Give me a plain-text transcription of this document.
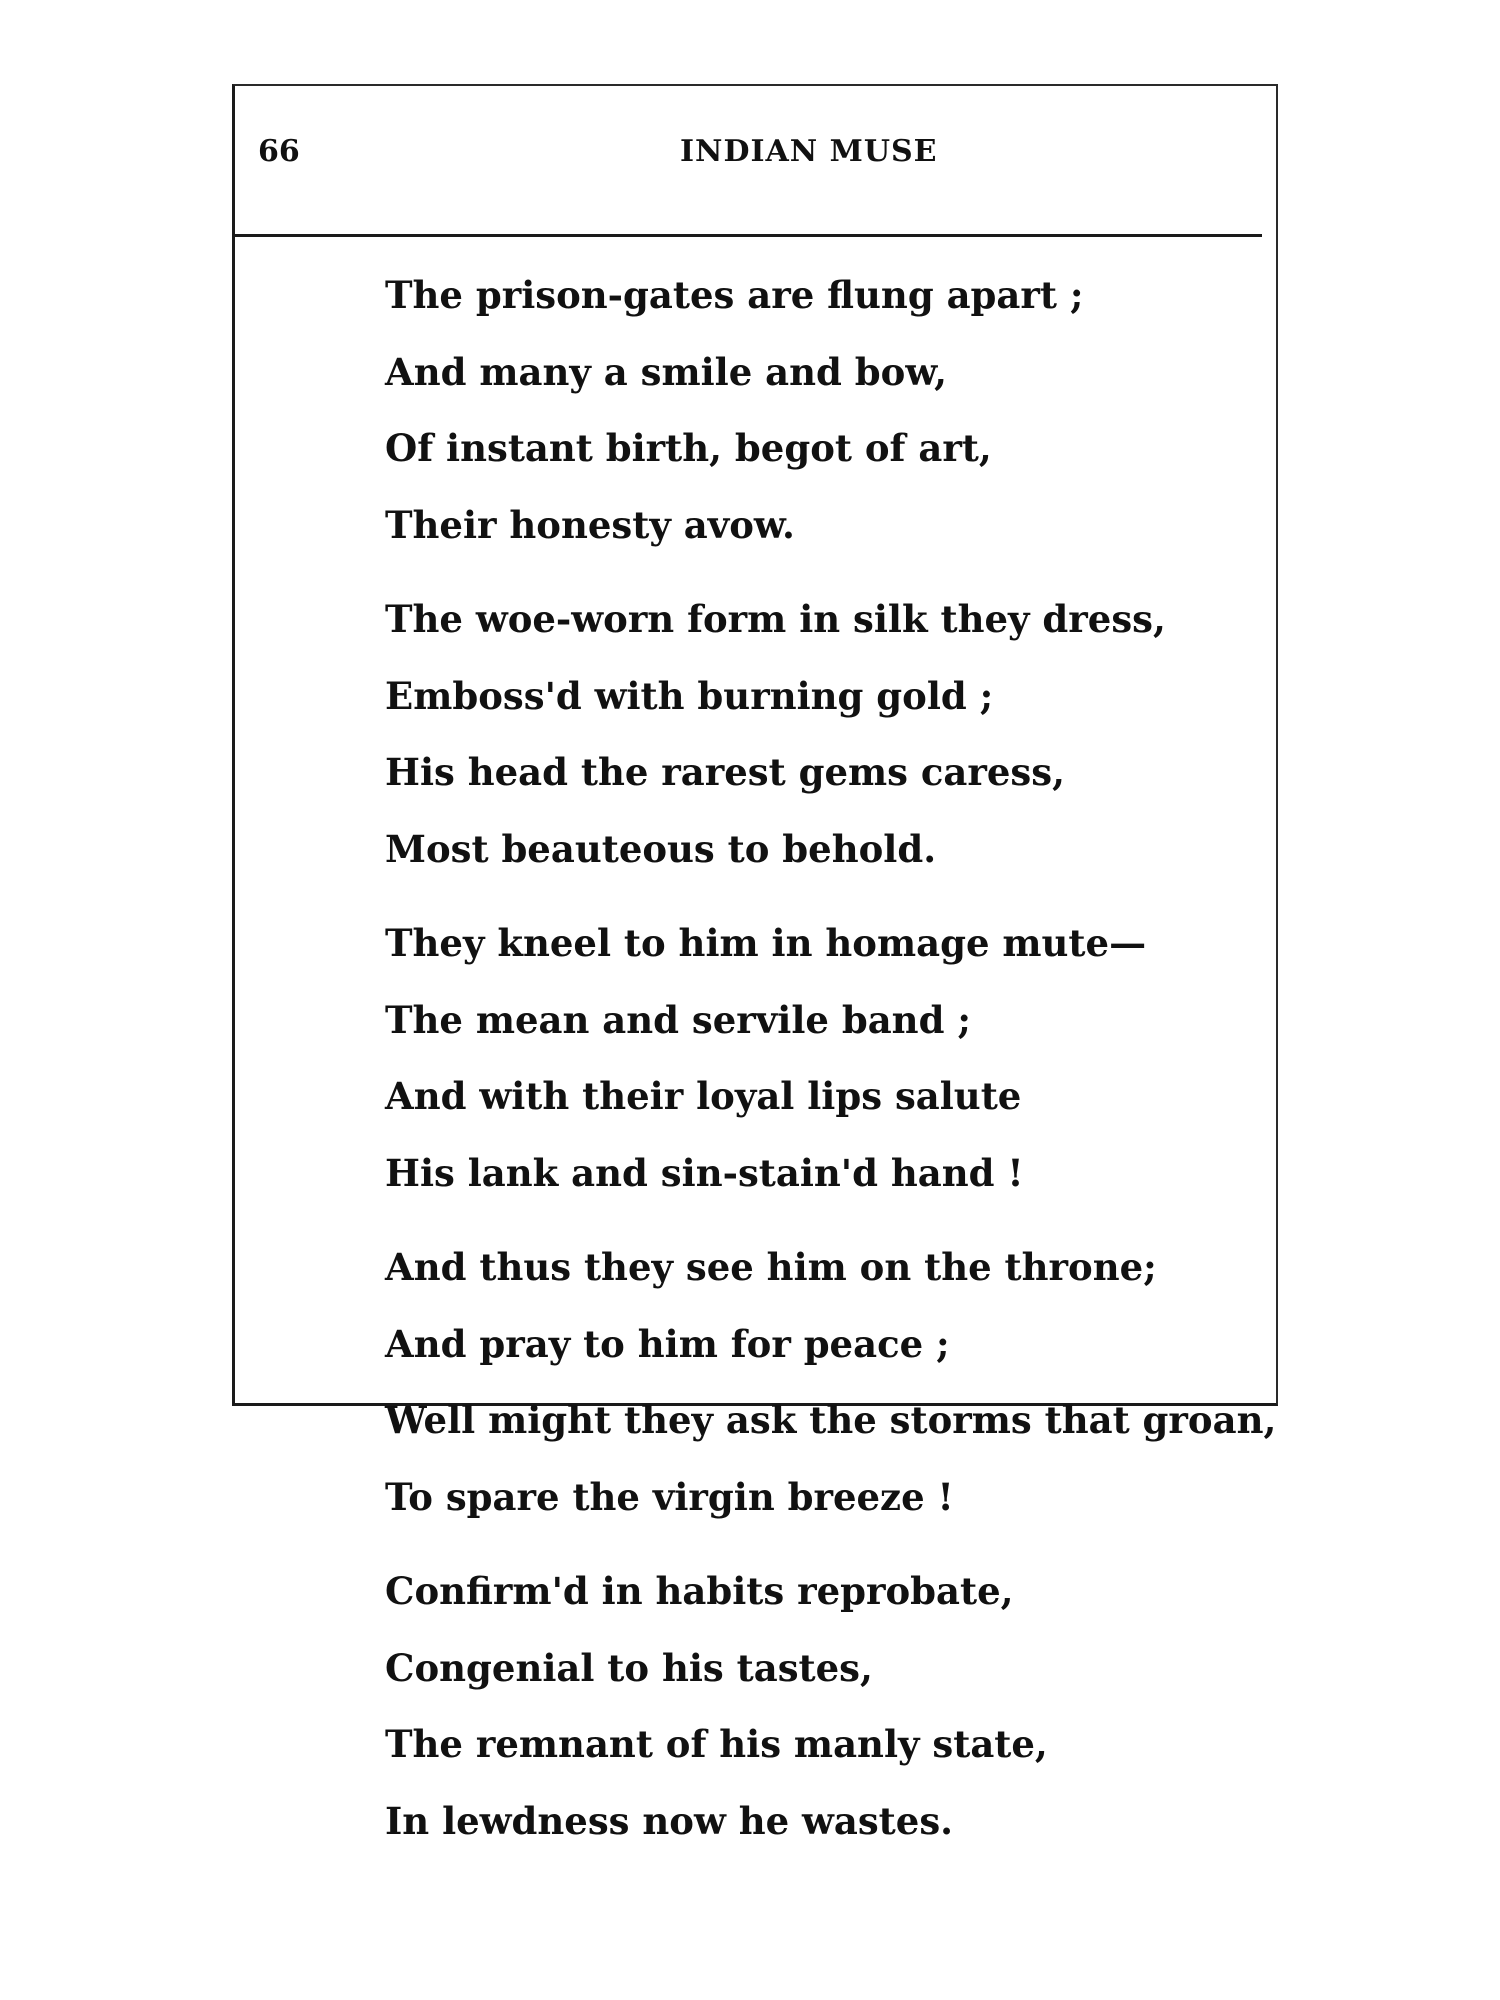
66	INDIAN MUSE
The prison-gates are flung apart ;
And many a smile and bow,
Of instant birth, begot of art,
Their honesty avow.
The woe-worn form in silk they dress,
Emboss'd with burning gold ;
His head the rarest gems caress,
Most beauteous to behold.
They kneel to him in homage mute—
The mean and servile band ;
And with their loyal lips salute
His lank and sin-stain'd hand !
And thus they see him on the throne;
And pray to him for peace ;
Well might they ask the storms that groan,
To spare the virgin breeze !
Confirm'd in habits reprobate,
Congenial to his tastes,
The remnant of his manly state,
In lewdness now he wastes.
